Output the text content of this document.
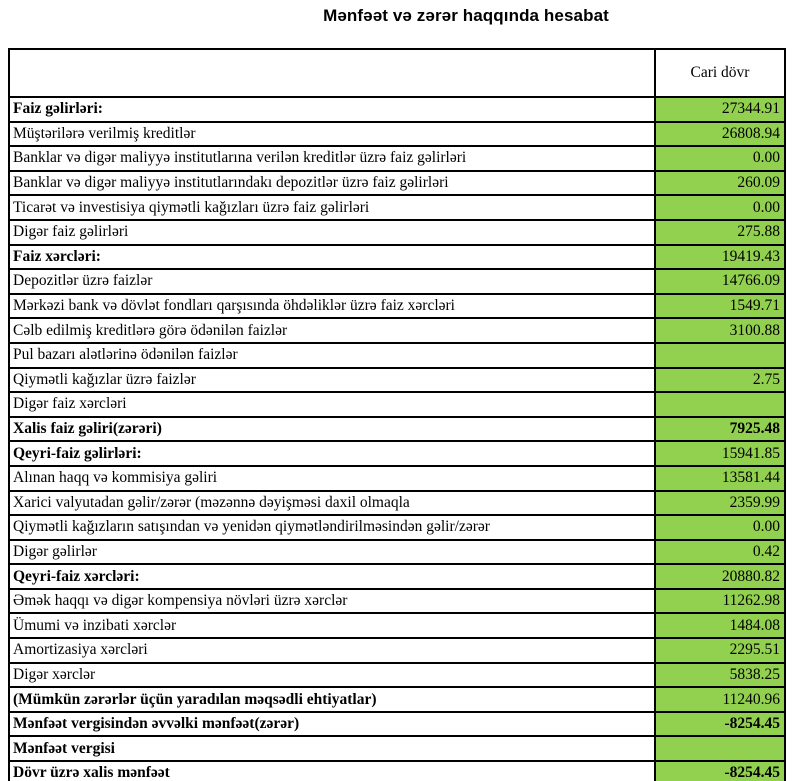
Mənfəət və zərər haqqında hesabat
	Cari dövr
Faiz gəlirləri:	27344.91
Müştərilərə verilmiş kreditlər	26808.94
Banklar və digər maliyyə institutlarına verilən kreditlər üzrə faiz gəlirləri	0.00
Banklar və digər maliyyə institutlarındakı depozitlər üzrə faiz gəlirləri	260.09
Ticarət və investisiya qiymətli kağızları üzrə faiz gəlirləri	0.00
Digər faiz gəlirləri	275.88
Faiz xərcləri:	19419.43
Depozitlər üzrə faizlər	14766.09
Mərkəzi bank və dövlət fondları qarşısında öhdəliklər üzrə faiz xərcləri	1549.71
Cəlb edilmiş kreditlərə görə ödənilən faizlər	3100.88
Pul bazarı alətlərinə ödənilən faizlər	
Qiymətli kağızlar üzrə faizlər	2.75
Digər faiz xərcləri	
Xalis faiz gəliri(zərəri)	7925.48
Qeyri-faiz gəlirləri:	15941.85
Alınan haqq və kommisiya gəliri	13581.44
Xarici valyutadan gəlir/zərər (məzənnə dəyişməsi daxil olmaqla	2359.99
Qiymətli kağızların satışından və yenidən qiymətləndirilməsindən gəlir/zərər	0.00
Digər gəlirlər	0.42
Qeyri-faiz xərcləri:	20880.82
Əmək haqqı və digər kompensiya növləri üzrə xərclər	11262.98
Ümumi və inzibati xərclər	1484.08
Amortizasiya xərcləri	2295.51
Digər xərclər	5838.25
(Mümkün zərərlər üçün yaradılan məqsədli ehtiyatlar)	11240.96
Mənfəət vergisindən əvvəlki mənfəət(zərər)	-8254.45
Mənfəət vergisi	
Dövr üzrə xalis mənfəət	-8254.45
